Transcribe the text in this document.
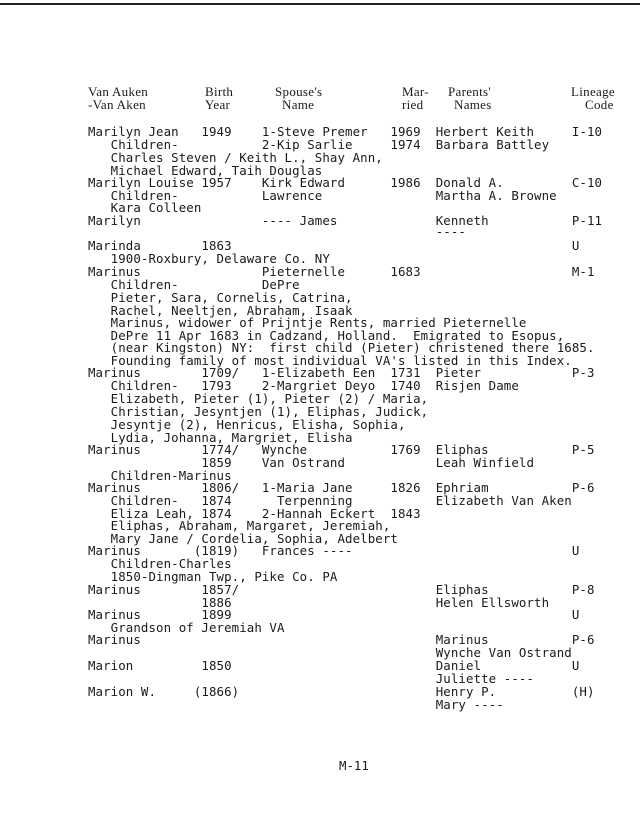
Van Auken
-Van Aken
Birth
Year
Spouse's
Name
Mar-
ried
Parents'
Names
Lineage
Code
Marilyn Jean   1949    1-Steve Premer   1969  Herbert Keith     I-10
Children-           2-Kip Sarlie     1974  Barbara Battley
Charles Steven / Keith L., Shay Ann,
Michael Edward, Taih Douglas
Marilyn Louise 1957    Kirk Edward      1986  Donald A.         C-10
Children-           Lawrence               Martha A. Browne
Kara Colleen
Marilyn                ---- James             Kenneth           P-11
----
Marinda        1863                                             U
1900-Roxbury, Delaware Co. NY
Marinus                Pieternelle      1683                    M-1
Children-           DePre
Pieter, Sara, Cornelis, Catrina,
Rachel, Neeltjen, Abraham, Isaak
Marinus, widower of Prijntje Rents, married Pieternelle
DePre 11 Apr 1683 in Cadzand, Holland.  Emigrated to Esopus,
(near Kingston) NY:  first child (Pieter) christened there 1685.
Founding family of most individual VA's listed in this Index.
Marinus        1709/   1-Elizabeth Een  1731  Pieter            P-3
Children-   1793    2-Margriet Deyo  1740  Risjen Dame
Elizabeth, Pieter (1), Pieter (2) / Maria,
Christian, Jesyntjen (1), Eliphas, Judick,
Jesyntje (2), Henricus, Elisha, Sophia,
Lydia, Johanna, Margriet, Elisha
Marinus        1774/   Wynche           1769  Eliphas           P-5
1859    Van Ostrand            Leah Winfield
Children-Marinus
Marinus        1806/   1-Maria Jane     1826  Ephriam           P-6
Children-   1874      Terpenning           Elizabeth Van Aken
Eliza Leah, 1874    2-Hannah Eckert  1843
Eliphas, Abraham, Margaret, Jeremiah,
Mary Jane / Cordelia, Sophia, Adelbert
Marinus       (1819)   Frances ----                             U
Children-Charles
1850-Dingman Twp., Pike Co. PA
Marinus        1857/                          Eliphas           P-8
1886                           Helen Ellsworth
Marinus        1899                                             U
Grandson of Jeremiah VA
Marinus                                       Marinus           P-6
Wynche Van Ostrand
Marion         1850                           Daniel            U
Juliette ----
Marion W.     (1866)                          Henry P.          (H)
Mary ----
M-11
